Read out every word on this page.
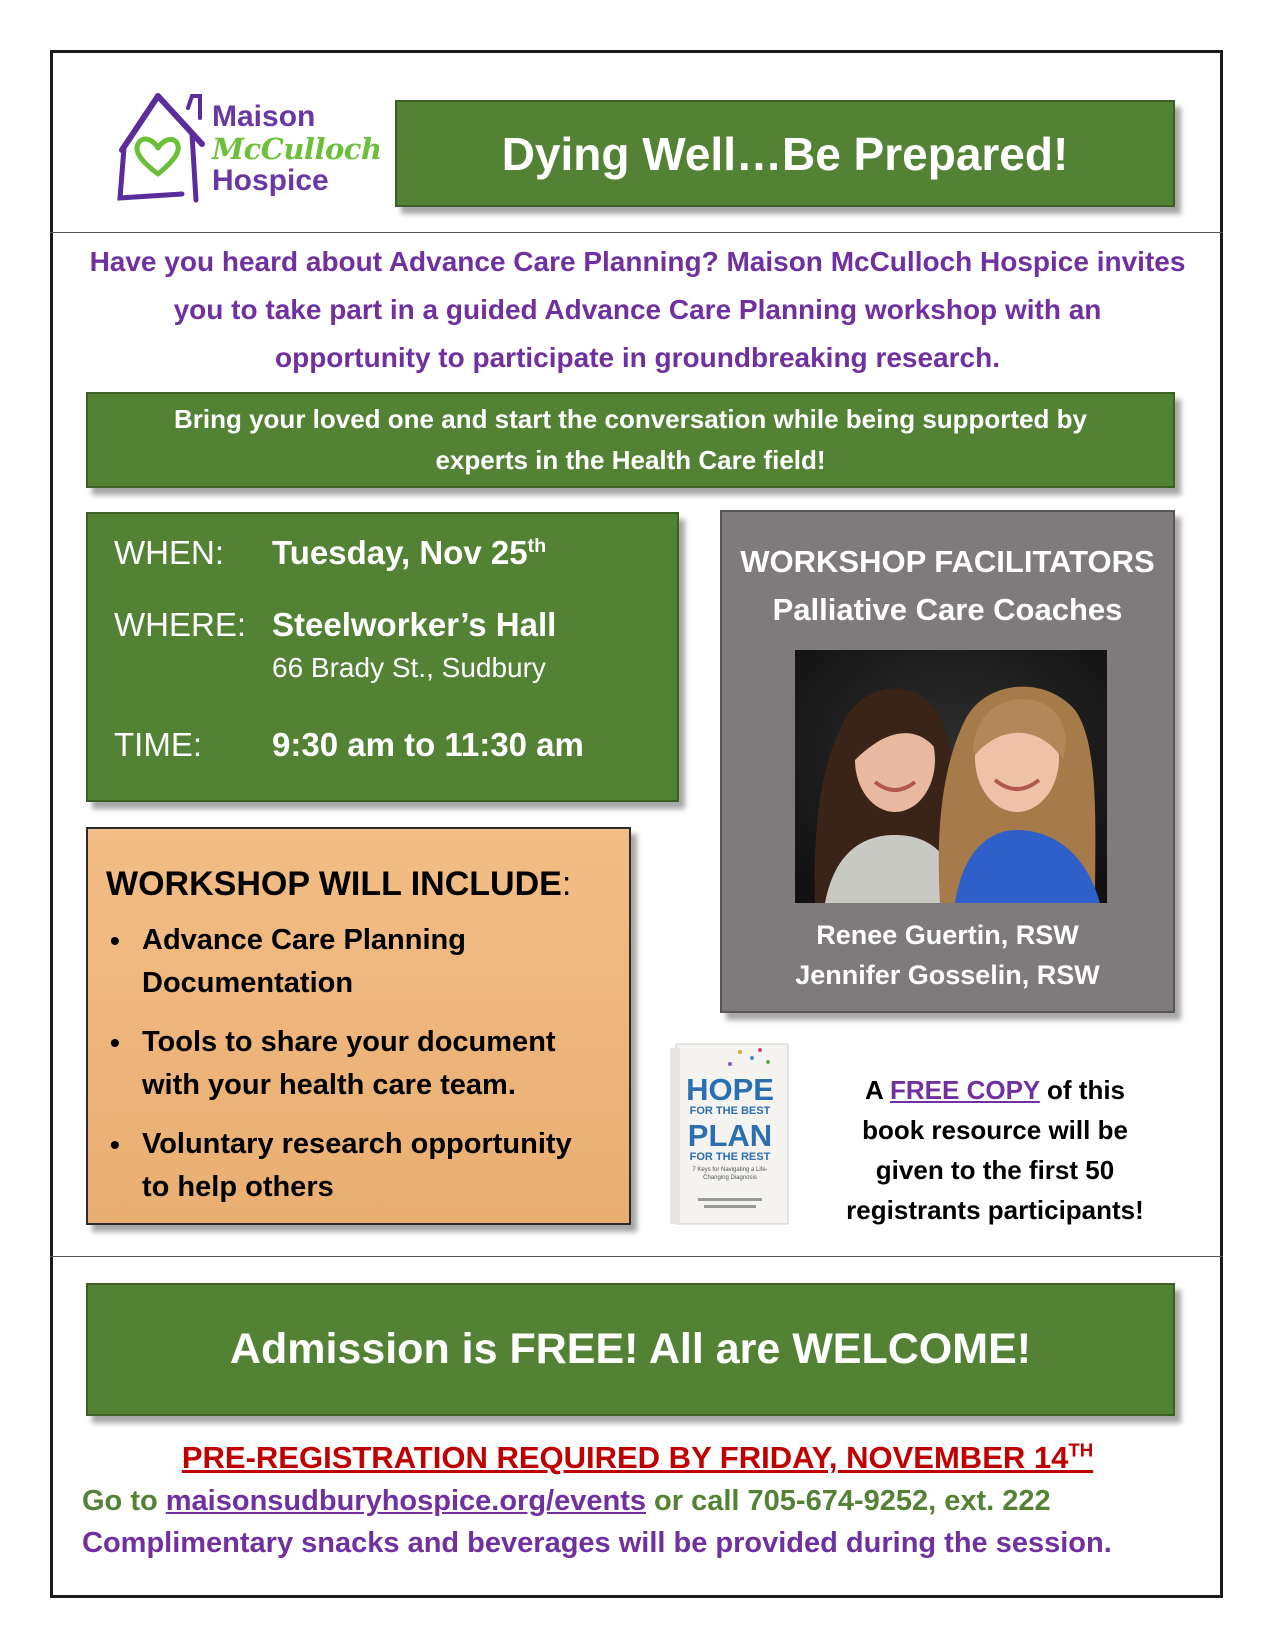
Maison
McCulloch
Hospice
Dying Well…Be Prepared!
Have you heard about Advance Care Planning? Maison McCulloch Hospice invites
you to take part in a guided Advance Care Planning workshop with an
opportunity to participate in groundbreaking research.
Bring your loved one and start the conversation while being supported by
experts in the Health Care field!
WHEN: Tuesday, Nov 25th
WHERE: Steelworker’s Hall
66 Brady St., Sudbury
TIME: 9:30 am to 11:30 am
WORKSHOP FACILITATORS
Palliative Care Coaches
Renee Guertin, RSW
Jennifer Gosselin, RSW
WORKSHOP WILL INCLUDE:
• Advance Care Planning
Documentation
• Tools to share your document
with your health care team.
• Voluntary research opportunity
to help others
HOPE
FOR THE BEST
PLAN
FOR THE REST
7 Keys for Navigating a Life-Changing Diagnosis
A FREE COPY of this
book resource will be
given to the first 50
registrants participants!
Admission is FREE! All are WELCOME!
PRE-REGISTRATION REQUIRED BY FRIDAY, NOVEMBER 14TH
Go to maisonsudburyhospice.org/events or call 705-674-9252, ext. 222
Complimentary snacks and beverages will be provided during the session.
